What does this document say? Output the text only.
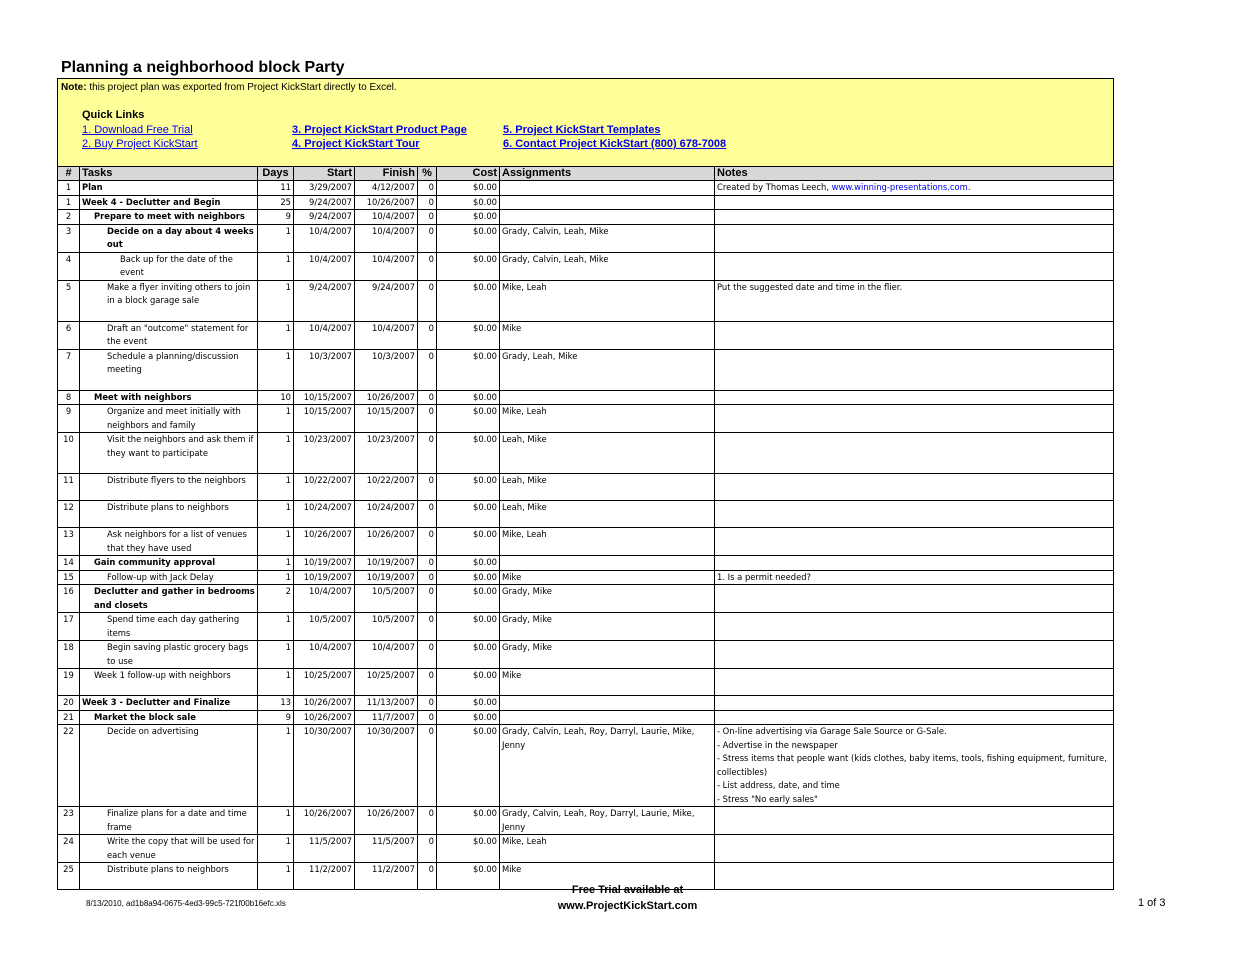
Planning a neighborhood block Party
Note: this project plan was exported from Project KickStart directly to Excel.
Quick Links
1. Download Free Trial
2. Buy Project KickStart
3. Project KickStart Product Page
4. Project KickStart Tour
5. Project KickStart Templates
6. Contact Project KickStart (800) 678-7008
#	Tasks	Days	Start	Finish	%	Cost	Assignments	Notes
1	Plan	11	3/29/2007	4/12/2007	0	$0.00		Created by Thomas Leech, www.winning-presentations.com.
1	Week 4 - Declutter and Begin	25	9/24/2007	10/26/2007	0	$0.00		
2	Prepare to meet with neighbors	9	9/24/2007	10/4/2007	0	$0.00		
3	Decide on a day about 4 weeks out	1	10/4/2007	10/4/2007	0	$0.00	Grady, Calvin, Leah, Mike	
4	Back up for the date of the event	1	10/4/2007	10/4/2007	0	$0.00	Grady, Calvin, Leah, Mike	
5	Make a flyer inviting others to join in a block garage sale	1	9/24/2007	9/24/2007	0	$0.00	Mike, Leah	Put the suggested date and time in the flier.
6	Draft an "outcome" statement for the event	1	10/4/2007	10/4/2007	0	$0.00	Mike	
7	Schedule a planning/discussion meeting	1	10/3/2007	10/3/2007	0	$0.00	Grady, Leah, Mike	
8	Meet with neighbors	10	10/15/2007	10/26/2007	0	$0.00		
9	Organize and meet initially with neighbors and family	1	10/15/2007	10/15/2007	0	$0.00	Mike, Leah	
10	Visit the neighbors and ask them if they want to participate	1	10/23/2007	10/23/2007	0	$0.00	Leah, Mike	
11	Distribute flyers to the neighbors	1	10/22/2007	10/22/2007	0	$0.00	Leah, Mike	
12	Distribute plans to neighbors	1	10/24/2007	10/24/2007	0	$0.00	Leah, Mike	
13	Ask neighbors for a list of venues that they have used	1	10/26/2007	10/26/2007	0	$0.00	Mike, Leah	
14	Gain community approval	1	10/19/2007	10/19/2007	0	$0.00		
15	Follow-up with Jack Delay	1	10/19/2007	10/19/2007	0	$0.00	Mike	1. Is a permit needed?
16	Declutter and gather in bedrooms and closets	2	10/4/2007	10/5/2007	0	$0.00	Grady, Mike	
17	Spend time each day gathering items	1	10/5/2007	10/5/2007	0	$0.00	Grady, Mike	
18	Begin saving plastic grocery bags to use	1	10/4/2007	10/4/2007	0	$0.00	Grady, Mike	
19	Week 1 follow-up with neighbors	1	10/25/2007	10/25/2007	0	$0.00	Mike	
20	Week 3 - Declutter and Finalize	13	10/26/2007	11/13/2007	0	$0.00		
21	Market the block sale	9	10/26/2007	11/7/2007	0	$0.00		
22	Decide on advertising	1	10/30/2007	10/30/2007	0	$0.00	Grady, Calvin, Leah, Roy, Darryl, Laurie, Mike, Jenny	- On-line advertising via Garage Sale Source or G-Sale.
- Advertise in the newspaper
- Stress items that people want (kids clothes, baby items, tools, fishing equipment, furniture, collectibles)
- List address, date, and time
- Stress "No early sales"
23	Finalize plans for a date and time frame	1	10/26/2007	10/26/2007	0	$0.00	Grady, Calvin, Leah, Roy, Darryl, Laurie, Mike, Jenny	
24	Write the copy that will be used for each venue	1	11/5/2007	11/5/2007	0	$0.00	Mike, Leah	
25	Distribute plans to neighbors	1	11/2/2007	11/2/2007	0	$0.00	Mike	
8/13/2010, ad1b8a94-0675-4ed3-99c5-721f00b16efc.xls
Free Trial available at
www.ProjectKickStart.com	1 of 3
